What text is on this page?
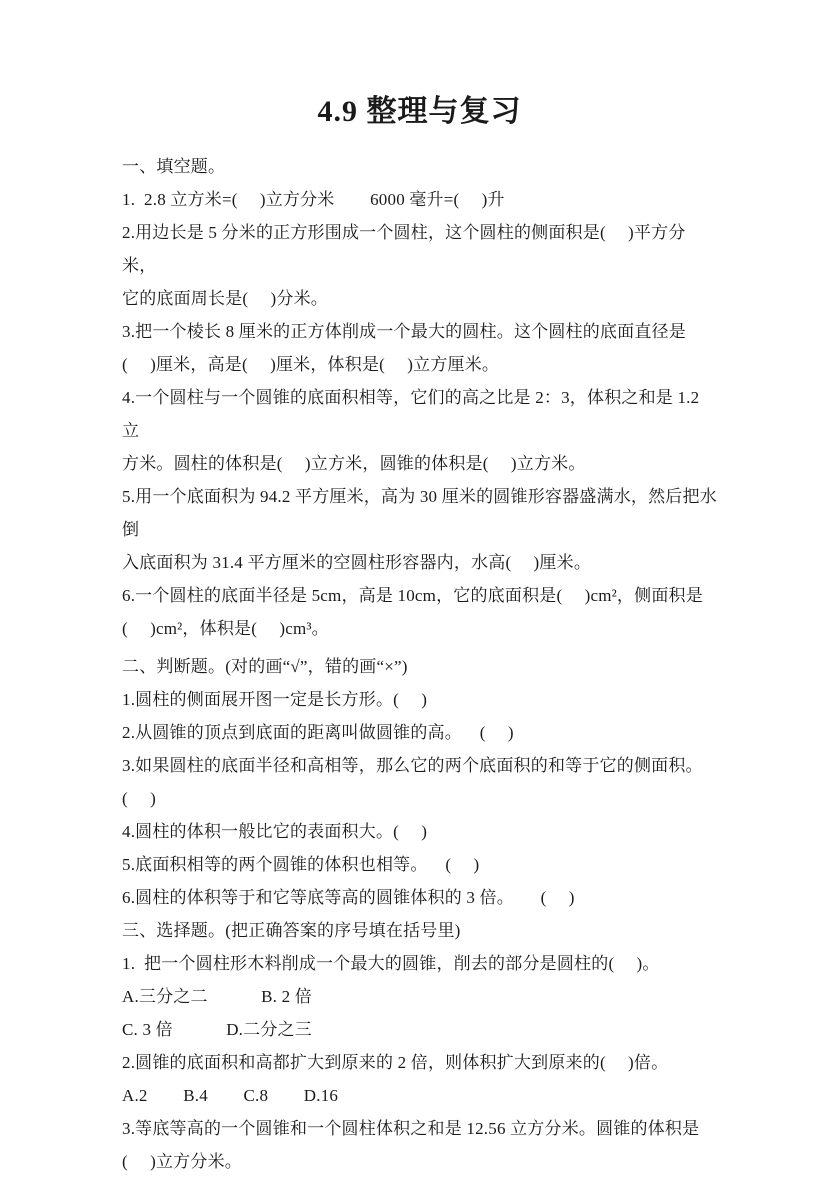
4.9 整理与复习
一、填空题。
1.  2.8 立方米=(     )立方分米        6000 毫升=(     )升
2.用边长是 5 分米的正方形围成一个圆柱，这个圆柱的侧面积是(     )平方分米，
它的底面周长是(     )分米。
3.把一个棱长 8 厘米的正方体削成一个最大的圆柱。这个圆柱的底面直径是
(     )厘米，高是(     )厘米，体积是(     )立方厘米。
4.一个圆柱与一个圆锥的底面积相等，它们的高之比是 2：3，体积之和是 1.2 立
方米。圆柱的体积是(     )立方米，圆锥的体积是(     )立方米。
5.用一个底面积为 94.2 平方厘米，高为 30 厘米的圆锥形容器盛满水，然后把水倒
入底面积为 31.4 平方厘米的空圆柱形容器内，水高(     )厘米。
6.一个圆柱的底面半径是 5cm，高是 10cm，它的底面积是(     )cm²，侧面积是
(     )cm²，体积是(     )cm³。
二、判断题。(对的画“√”，错的画“×”)
1.圆柱的侧面展开图一定是长方形。(     )
2.从圆锥的顶点到底面的距离叫做圆锥的高。    (     )
3.如果圆柱的底面半径和高相等，那么它的两个底面积的和等于它的侧面积。
(     )
4.圆柱的体积一般比它的表面积大。(     )
5.底面积相等的两个圆锥的体积也相等。    (     )
6.圆柱的体积等于和它等底等高的圆锥体积的 3 倍。      (     )
三、选择题。(把正确答案的序号填在括号里)
1.  把一个圆柱形木料削成一个最大的圆锥，削去的部分是圆柱的(     )。
A.三分之二            B. 2 倍
C. 3 倍            D.二分之三
2.圆锥的底面积和高都扩大到原来的 2 倍，则体积扩大到原来的(     )倍。
A.2        B.4        C.8        D.16
3.等底等高的一个圆锥和一个圆柱体积之和是 12.56 立方分米。圆锥的体积是
(     )立方分米。
